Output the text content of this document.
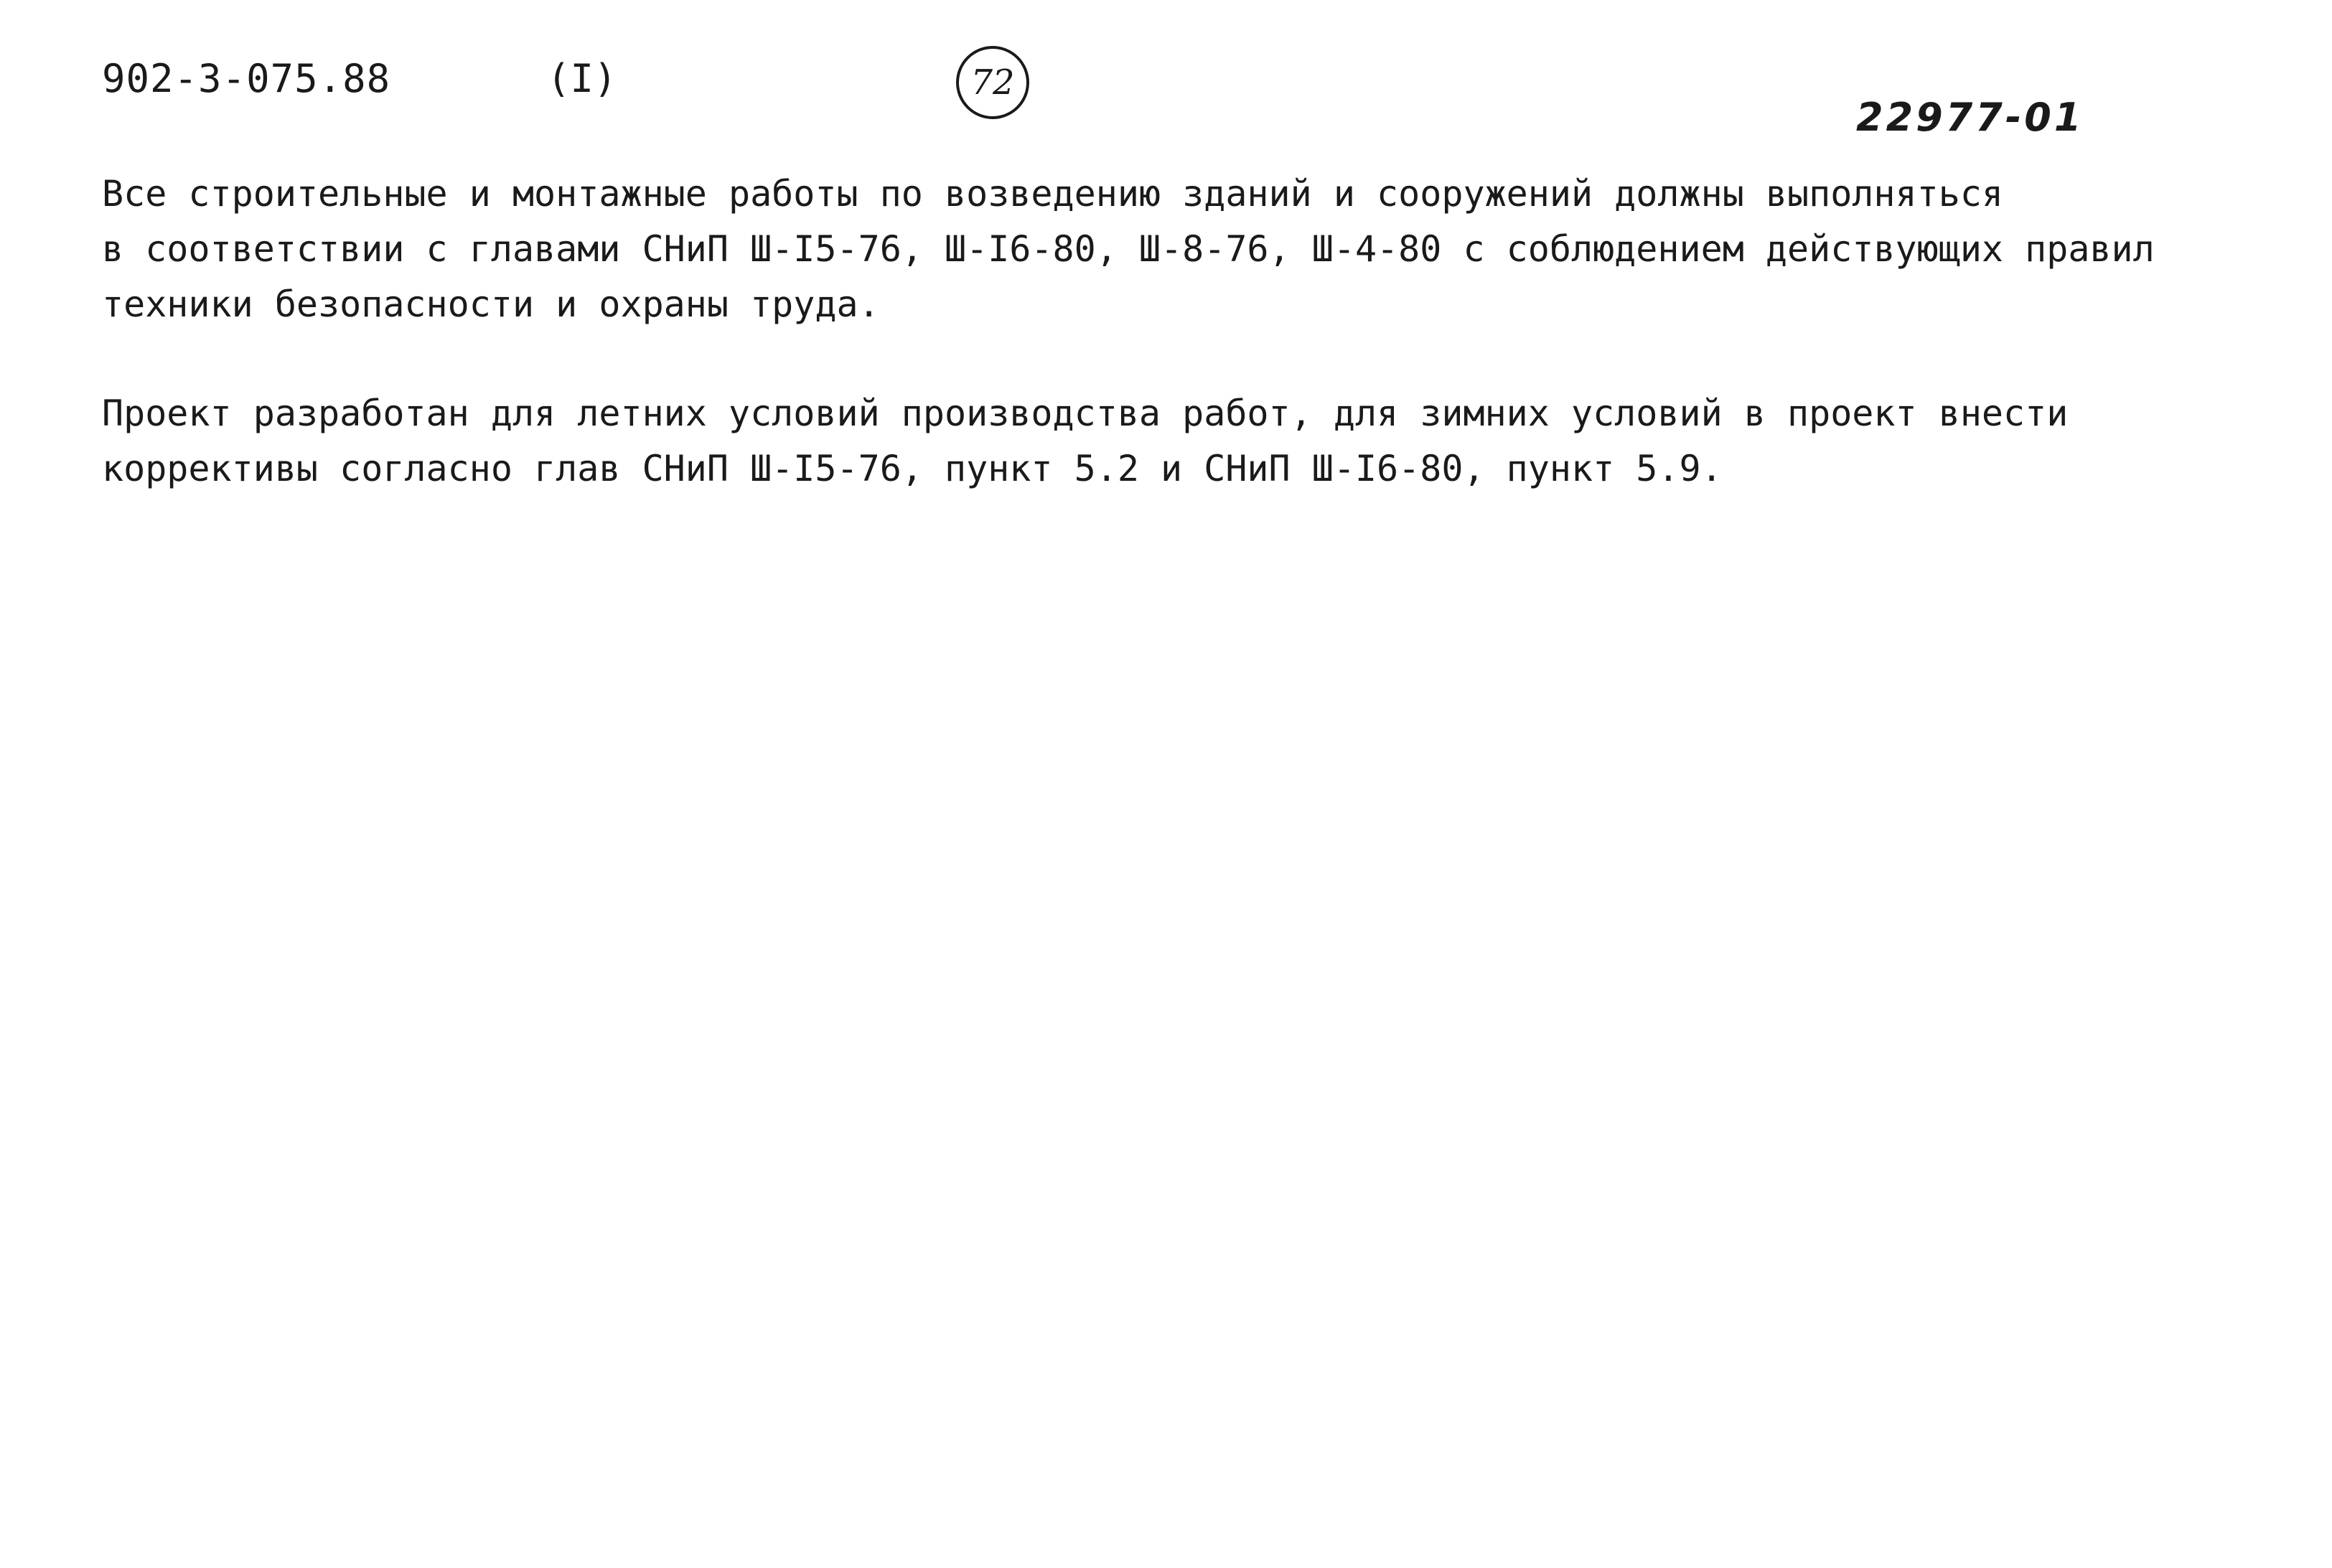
902-3-075.88	(I)	72
22977-01

Все строительные и монтажные работы по возведению зданий и сооружений должны выполняться
в соответствии с главами СНиП Ш-I5-76, Ш-I6-80, Ш-8-76, Ш-4-80 с соблюдением действующих правил
техники безопасности и охраны труда.

Проект разработан для летних условий производства работ, для зимних условий в проект внести
коррективы согласно глав СНиП Ш-I5-76, пункт 5.2 и СНиП Ш-I6-80, пункт 5.9.
